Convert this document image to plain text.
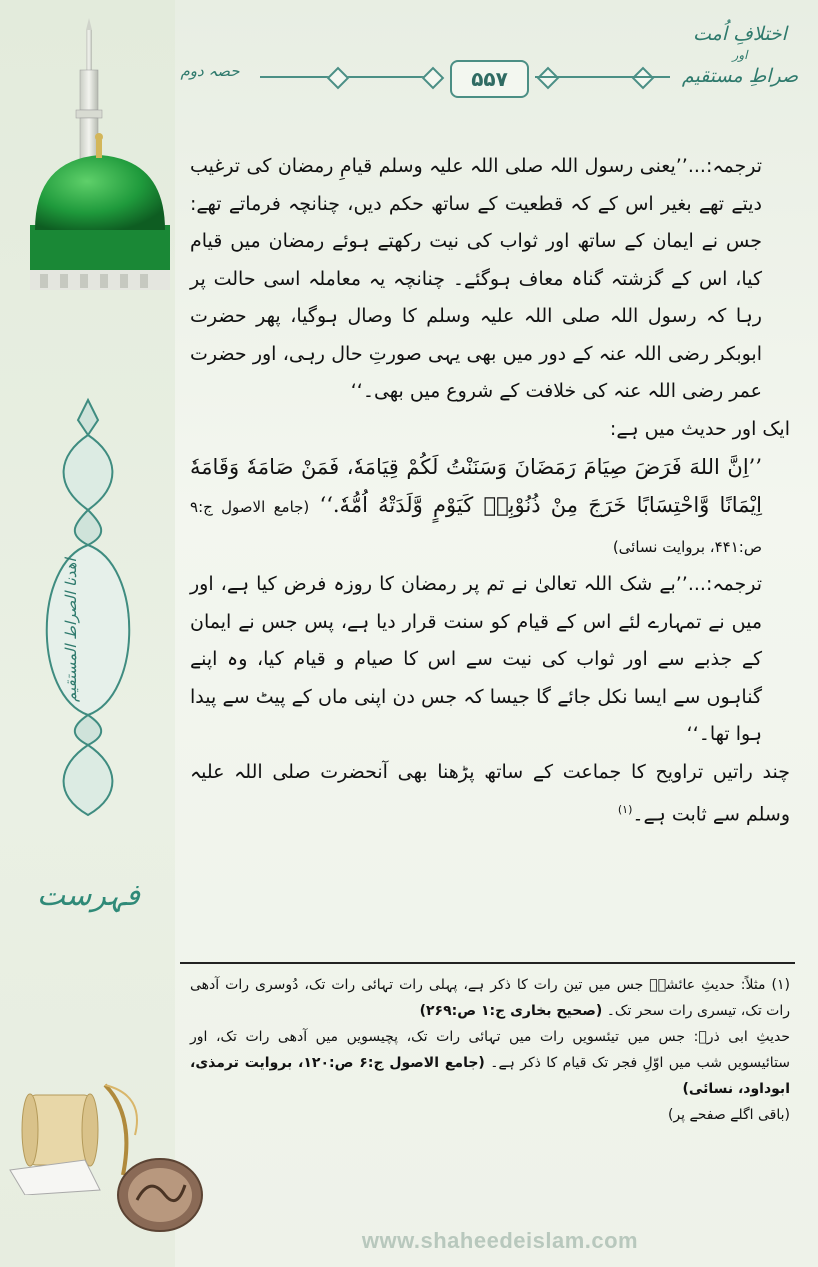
اهدنا الصراط المستقیم
فہرست
حصہ دوم	۵۵۷
اختلافِ اُمت
اور
صراطِ مستقیم

ترجمہ:...’’یعنی رسول اللہ صلی اللہ علیہ وسلم قیامِ رمضان کی ترغیب دیتے تھے بغیر اس کے کہ قطعیت کے ساتھ حکم دیں، چنانچہ فرماتے تھے: جس نے ایمان کے ساتھ اور ثواب کی نیت رکھتے ہوئے رمضان میں قیام کیا، اس کے گزشتہ گناہ معاف ہوگئے۔ چنانچہ یہ معاملہ اسی حالت پر رہا کہ رسول اللہ صلی اللہ علیہ وسلم کا وصال ہوگیا، پھر حضرت ابوبکر رضی اللہ عنہ کے دور میں بھی یہی صورتِ حال رہی، اور حضرت عمر رضی اللہ عنہ کی خلافت کے شروع میں بھی۔‘‘

ایک اور حدیث میں ہے:

’’اِنَّ اللهَ فَرَضَ صِيَامَ رَمَضَانَ وَسَنَنْتُ لَكُمْ قِيَامَهٗ، فَمَنْ صَامَهٗ وَقَامَهٗ اِيْمَانًا وَّاحْتِسَابًا خَرَجَ مِنْ ذُنُوْبِهٖ كَيَوْمٍ وَّلَدَتْهُ اُمُّهٗ.‘‘ (جامع الاصول ج:۹ ص:۴۴۱، بروایت نسائی)

ترجمہ:...’’بے شک اللہ تعالیٰ نے تم پر رمضان کا روزہ فرض کیا ہے، اور میں نے تمہارے لئے اس کے قیام کو سنت قرار دیا ہے، پس جس نے ایمان کے جذبے سے اور ثواب کی نیت سے اس کا صیام و قیام کیا، وہ اپنے گناہوں سے ایسا نکل جائے گا جیسا کہ جس دن اپنی ماں کے پیٹ سے پیدا ہوا تھا۔‘‘

چند راتیں تراویح کا جماعت کے ساتھ پڑھنا بھی آنحضرت صلی اللہ علیہ وسلم سے ثابت ہے۔$^{(۱)}$

(۱) مثلاً: حدیثِ عائشہؓ جس میں تین رات کا ذکر ہے، پہلی رات تہائی رات تک، دُوسری رات آدھی رات تک، تیسری رات سحر تک۔ (صحیح بخاری ج:۱ ص:۲۶۹)

حدیثِ ابی ذرؓ: جس میں تیئسویں رات میں تہائی رات تک، پچیسویں میں آدھی رات تک، اور ستائیسویں شب میں اوّلِ فجر تک قیام کا ذکر ہے۔ (جامع الاصول ج:۶ ص:۱۲۰، بروایت ترمذی، ابوداود، نسائی)

(باقی اگلے صفحے پر)

www.shaheedeislam.com
